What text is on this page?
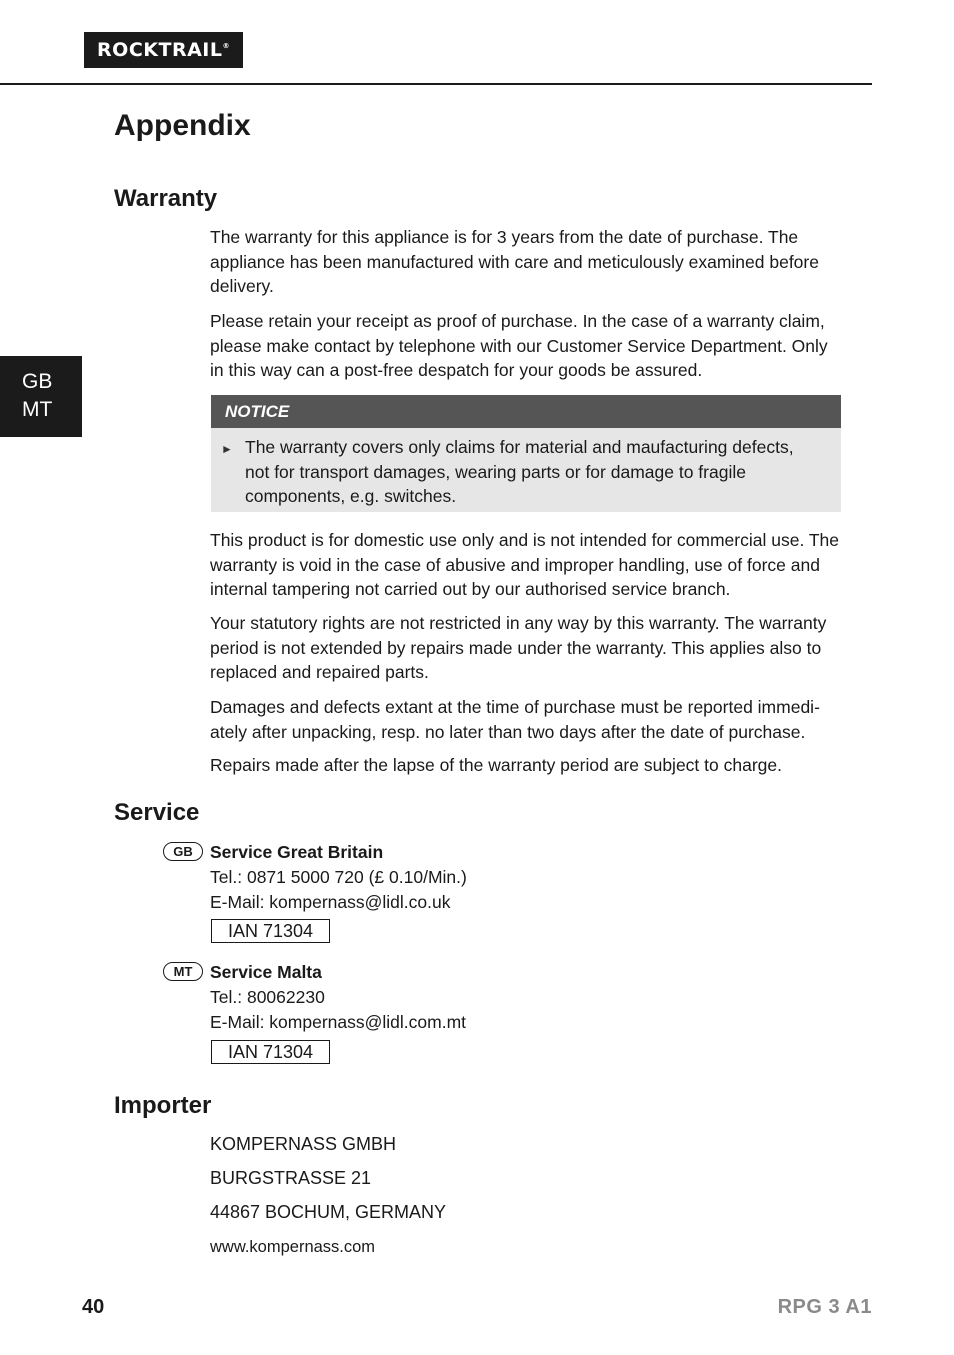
ROCKTRAIL®
GB
MT
Appendix
Warranty

The warranty for this appliance is for 3 years from the date of purchase. The appliance has been manufactured with care and meticulously examined before delivery.

Please retain your receipt as proof of purchase. In the case of a warranty claim, please make contact by telephone with our Customer Service Department. Only in this way can a post-free despatch for your goods be assured.

NOTICE
► The warranty covers only claims for material and maufacturing defects, not for transport damages, wearing parts or for damage to fragile components, e.g. switches.

This product is for domestic use only and is not intended for commercial use. The warranty is void in the case of abusive and improper handling, use of force and internal tampering not carried out by our authorised service branch.

Your statutory rights are not restricted in any way by this warranty. The warranty period is not extended by repairs made under the warranty. This applies also to replaced and repaired parts.

Damages and defects extant at the time of purchase must be reported immedi-ately after unpacking, resp. no later than two days after the date of purchase.

Repairs made after the lapse of the warranty period are subject to charge.

Service
GB Service Great Britain
Tel.: 0871 5000 720 (£ 0.10/Min.)
E-Mail: kompernass@lidl.co.uk
IAN 71304
MT	Service Malta
Tel.: 80062230
E-Mail: kompernass@lidl.com.mt
IAN 71304
Importer

KOMPERNASS GMBH

BURGSTRASSE 21

44867 BOCHUM, GERMANY

www.kompernass.com

40	RPG 3 A1
